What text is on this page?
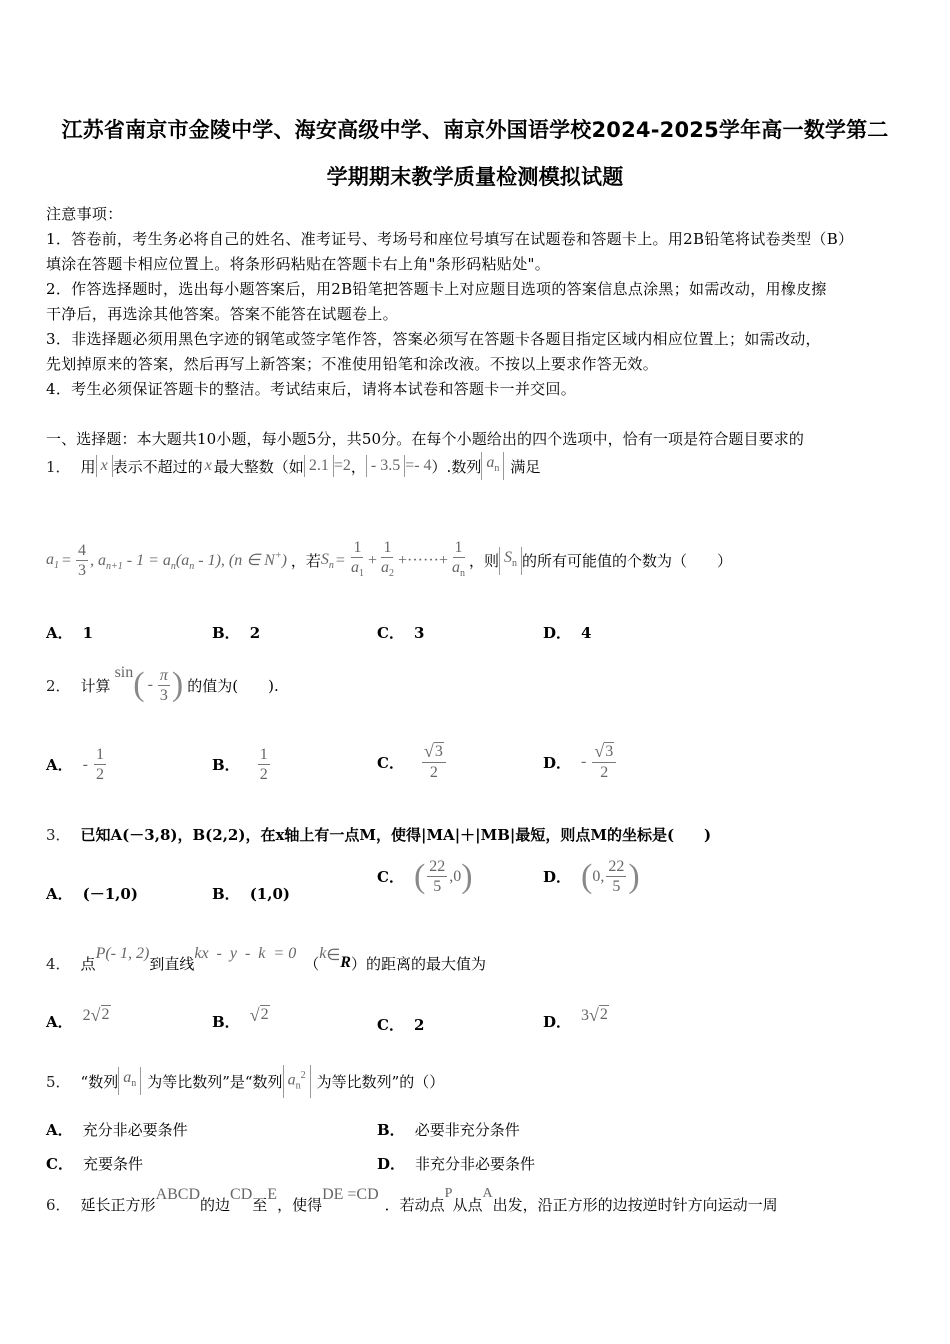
江苏省南京市金陵中学、海安高级中学、南京外国语学校2024-2025学年高一数学第二
学期期末教学质量检测模拟试题
注意事项：
1．答卷前，考生务必将自己的姓名、准考证号、考场号和座位号填写在试题卷和答题卡上。用2B铅笔将试卷类型（B）
填涂在答题卡相应位置上。将条形码粘贴在答题卡右上角"条形码粘贴处"。
2．作答选择题时，选出每小题答案后，用2B铅笔把答题卡上对应题目选项的答案信息点涂黑；如需改动，用橡皮擦
干净后，再选涂其他答案。答案不能答在试题卷上。
3．非选择题必须用黑色字迹的钢笔或签字笔作答，答案必须写在答题卡各题目指定区域内相应位置上；如需改动，
先划掉原来的答案，然后再写上新答案；不准使用铅笔和涂改液。不按以上要求作答无效。
4．考生必须保证答题卡的整洁。考试结束后，请将本试卷和答题卡一并交回。
一、选择题：本大题共10小题，每小题5分，共50分。在每个小题给出的四个选项中，恰有一项是符合题目要求的
1． 用 x 表示不超过的 x 最大整数（如 2.1 =2 ， - 3.5 =- 4 ）.数列 $a_n$ 满足
$a_1 = \frac{4}{3}$ , $a_{n+1} - 1 = a_n(a_n - 1)$, (n ∈ N+) ，若 $S_n = \frac{1}{a_1} + \frac{1}{a_2}$ +······+ $\frac{1}{a_n}$ ，则 $S_n$ 的所有可能值的个数为（　　）
A． 1	B． 2	C． 3	D． 4
2． 计算
sin ( - $\frac{\pi}{3}$ ) 的值为(　　).
A． - $\frac{1}{2}$	B． $\frac{1}{2}$	C． $\frac{√ 3}{2}$	D． - $\frac{√ 3}{2}$
3． 已知A(－3,8)，B(2,2)，在x轴上有一点M，使得|MA|＋|MB|最短，则点M的坐标是(　　)
A． (－1,0)	B． (1,0)
C． ( $\frac{22}{5} ,0$ )	D． ( 0, $\frac{22}{5}$ )
4． 点
P(- 1, 2)
到直线
kx  -  y  -  k  = 0
（
k ∈ R ）的距离的最大值为
A． 2 √ 2	B． √ 2
C． 2	D． 3 √ 2
5． “数列 $a_n$ 为等比数列”是“数列 $a_n^2$ 为等比数列”的（）
A． 充分非必要条件	B． 必要非充分条件
C． 充要条件	D． 非充分非必要条件
6． 延长正方形
ABCD
的边
CD
至
E
，使得
DE =CD
．若动点
P
从点
A
出发，沿正方形的边按逆时针方向运动一周
